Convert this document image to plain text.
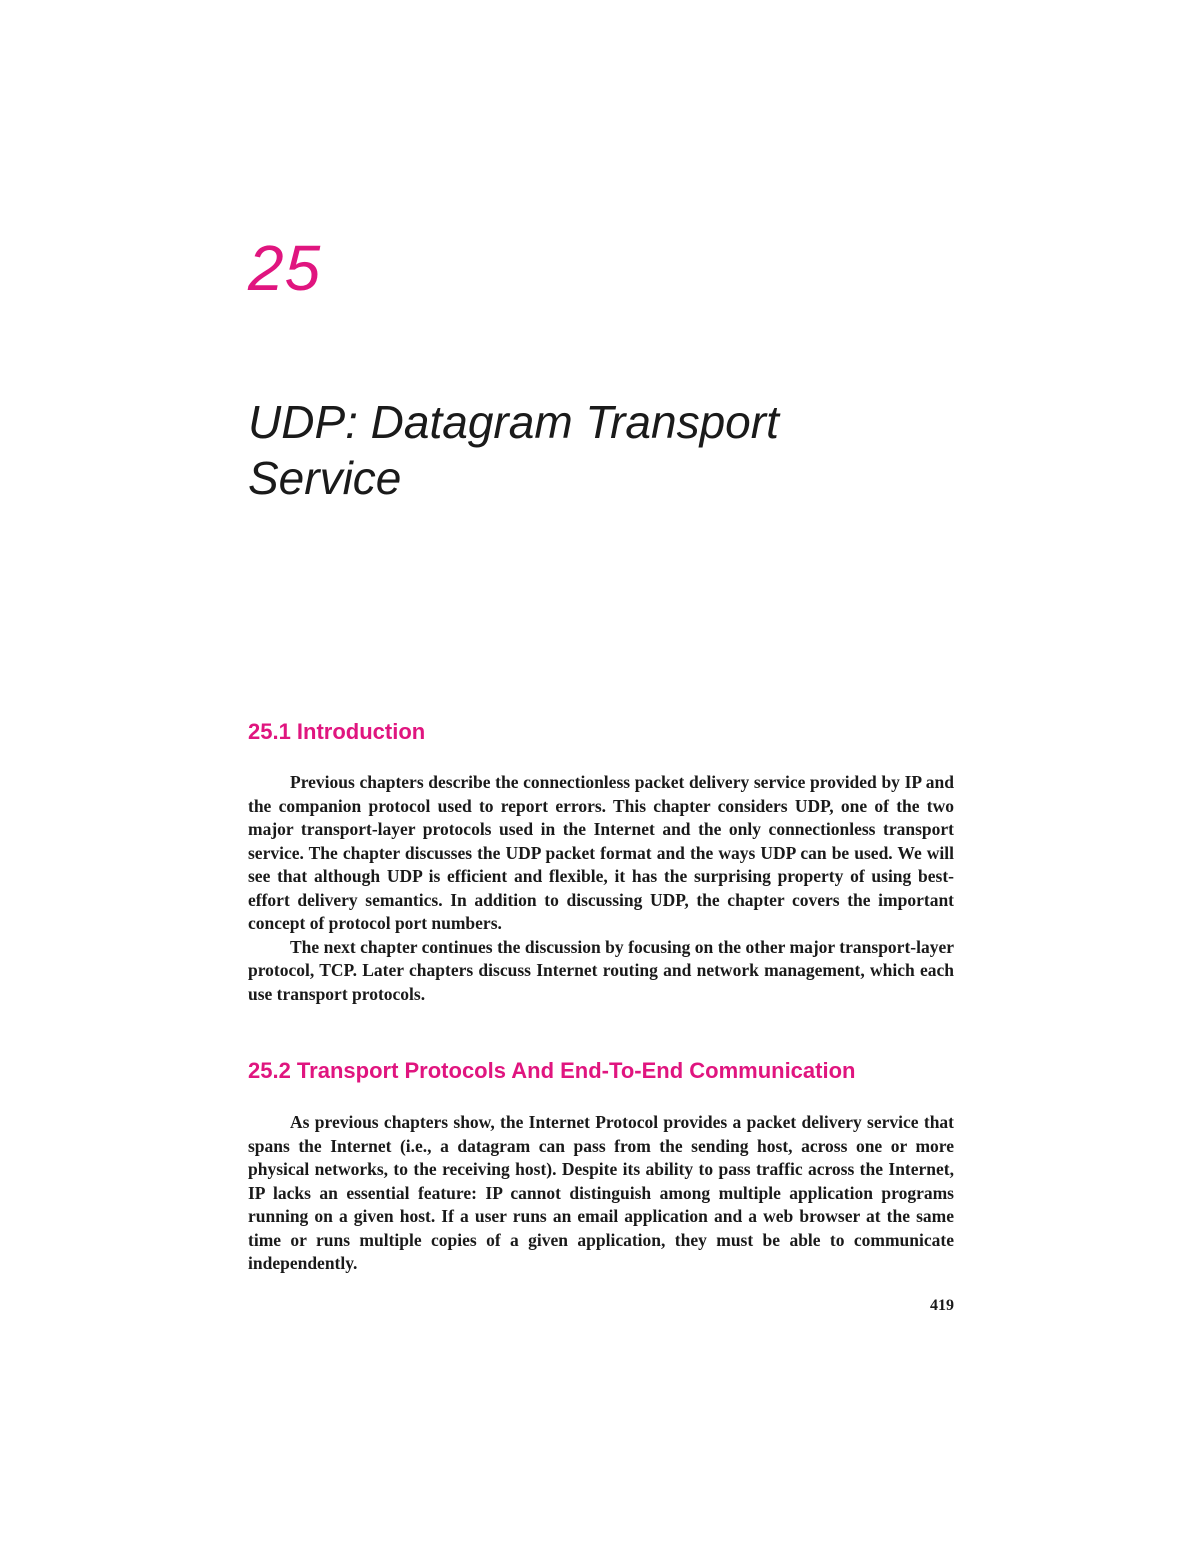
25
UDP: Datagram Transport
Service
25.1 Introduction

Previous chapters describe the connectionless packet delivery service provided by IP and the companion protocol used to report errors. This chapter considers UDP, one of the two major transport-layer protocols used in the Internet and the only connectionless transport service. The chapter discusses the UDP packet format and the ways UDP can be used. We will see that although UDP is efficient and flexible, it has the surprising property of using best-effort delivery semantics. In addition to discussing UDP, the chapter covers the important concept of protocol port numbers.

The next chapter continues the discussion by focusing on the other major transport-layer protocol, TCP. Later chapters discuss Internet routing and network management, which each use transport protocols.

25.2 Transport Protocols And End-To-End Communication

As previous chapters show, the Internet Protocol provides a packet delivery service that spans the Internet (i.e., a datagram can pass from the sending host, across one or more physical networks, to the receiving host). Despite its ability to pass traffic across the Internet, IP lacks an essential feature: IP cannot distinguish among multiple application programs running on a given host. If a user runs an email application and a web browser at the same time or runs multiple copies of a given application, they must be able to communicate independently.

419
